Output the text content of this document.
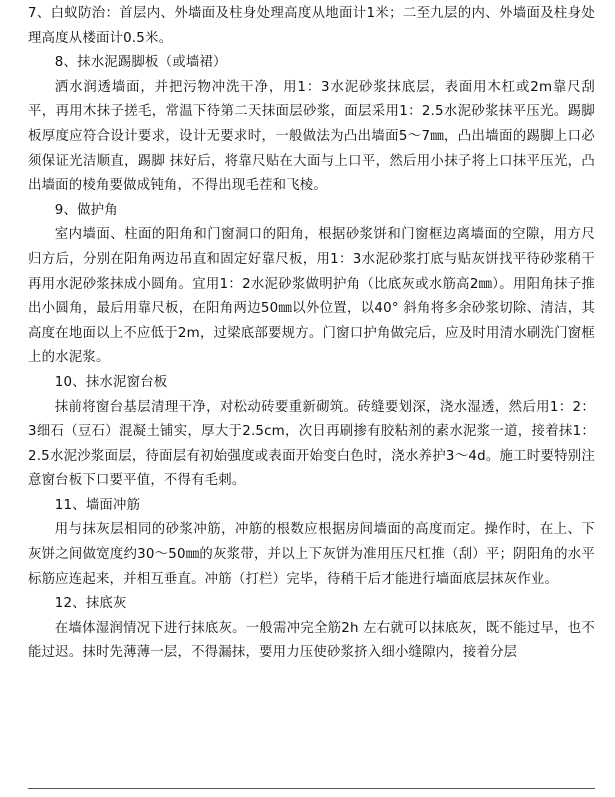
7、白蚁防治：首层内、外墙面及柱身处理高度从地面计1米；二至九层的内、外墙面及柱身处理高度从楼面计0.5米。

8、抹水泥踢脚板（或墙裙）

洒水润透墙面，并把污物冲洗干净，用1：3水泥砂浆抹底层，表面用木杠或2m靠尺刮平，再用木抹子搓毛，常温下待第二天抹面层砂浆，面层采用1：2.5水泥砂浆抹平压光。踢脚板厚度应符合设计要求，设计无要求时，一般做法为凸出墙面5～7㎜，凸出墙面的踢脚上口必须保证光洁顺直，踢脚 抹好后，将靠尺贴在大面与上口平，然后用小抹子将上口抹平压光，凸出墙面的棱角要做成钝角，不得出现毛茬和飞棱。

9、做护角

室内墙面、柱面的阳角和门窗洞口的阳角，根据砂浆饼和门窗框边离墙面的空隙，用方尺归方后，分别在阳角两边吊直和固定好靠尺板，用1：3水泥砂浆打底与贴灰饼找平待砂浆稍干再用水泥砂浆抹成小圆角。宜用1：2水泥砂浆做明护角（比底灰或水筋高2㎜）。用阳角抹子推出小圆角，最后用靠尺板，在阳角两边50㎜以外位置，以40° 斜角将多余砂浆切除、清洁，其高度在地面以上不应低于2m，过梁底部要规方。门窗口护角做完后，应及时用清水刷洗门窗框上的水泥浆。

10、抹水泥窗台板

抹前将窗台基层清理干净，对松动砖要重新砌筑。砖缝要划深，浇水湿透，然后用1：2：3细石（豆石）混凝土铺实，厚大于2.5cm，次日再刷掺有胶粘剂的素水泥浆一道，接着抹1：2.5水泥沙浆面层，待面层有初始强度或表面开始变白色时，浇水养护3～4d。施工时要特别注意窗台板下口要平值，不得有毛刺。

11、墙面冲筋

用与抹灰层相同的砂浆冲筋，冲筋的根数应根据房间墙面的高度而定。操作时，在上、下灰饼之间做宽度约30～50㎜的灰浆带，并以上下灰饼为准用压尺杠推（刮）平；阴阳角的水平标筋应连起来，并相互垂直。冲筋（打栏）完毕，待稍干后才能进行墙面底层抹灰作业。

12、抹底灰

在墙体湿润情况下进行抹底灰。一般需冲完全筋2h 左右就可以抹底灰，既不能过早，也不能过迟。抹时先薄薄一层，不得漏抹，要用力压使砂浆挤入细小缝隙内，接着分层
